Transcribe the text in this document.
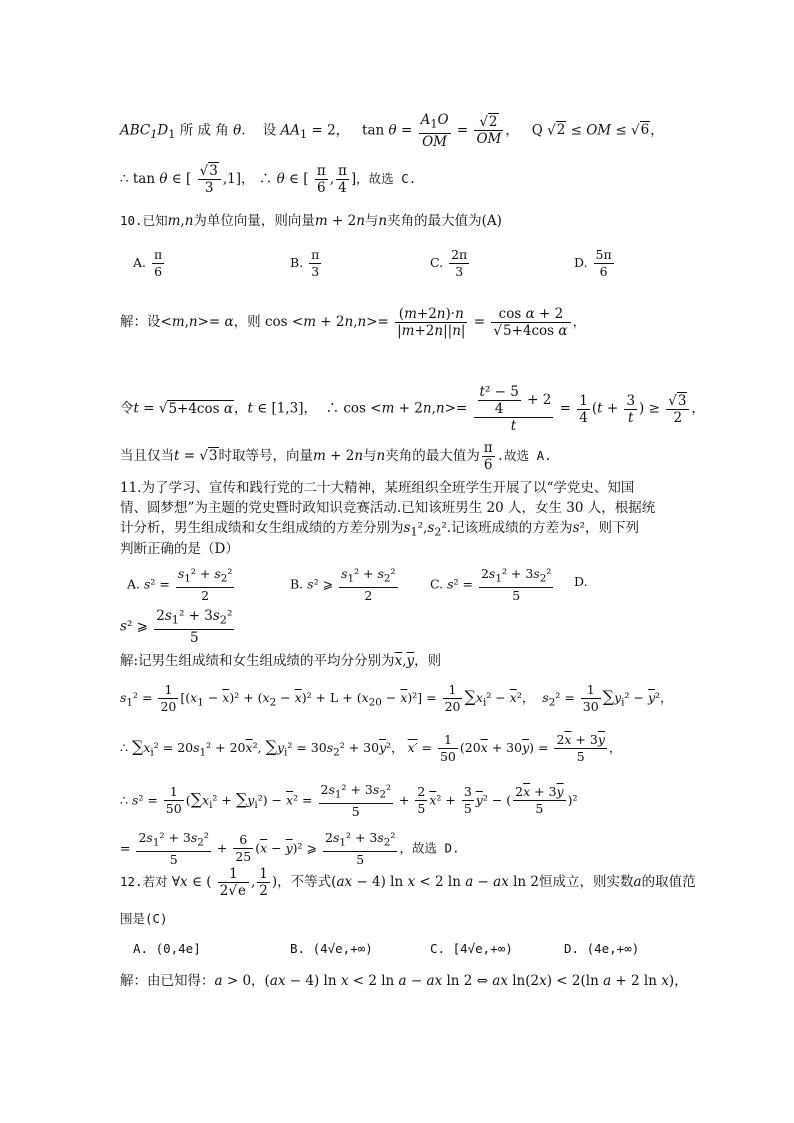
$ABC_1D_1$ 所 成 角 θ.    设 $AA_1 = 2$，   $\tan \theta = \frac{A_1O}{OM} = \frac{√2}{OM}$ ，   Q √2 ≤ OM ≤ √6，
∴ tan θ ∈ [ $\frac{√3}{3} ,1$]， ∴ θ ∈ [ $\frac{\pi}{6}$ , $\frac{\pi}{4}$ ]，故选 C.
10.已知m,n为单位向量，则向量m + 2n与n夹角的最大值为(A)
A. $\frac{\pi}{6}$	B. $\frac{\pi}{3}$	C. $\frac{2\pi}{3}$	D. $\frac{5\pi}{6}$
解：设<m,n>= α，则 $\cos <m + 2n,n>= \frac{(m+2n)\cdot n}{|m+2n||n|} = \frac{\text{cos α + 2}}{\text{√5+4cos α}}$ ，
令t = √5+4cos α，t ∈ [1,3]，  ∴ $\cos <m + 2n,n>= \frac{\frac{\text{t² − 5}}{4} + 2}{t} = \frac{1}{4} (t + \frac{3}{t}$ ) ≥ $\frac{√3}{2}$ ，
当且仅当t = √3时取等号，向量m + 2n与n夹角的最大值为 $\frac{\pi}{6}$ .故选 A.
11.为了学习、宣传和践行党的二十大精神，某班组织全班学生开展了以“学党史、知国
情、圆梦想”为主题的党史暨时政知识竞赛活动.已知该班男生 20 人，女生 30 人，根据统
计分析，男生组成绩和女生组成绩的方差分别为$s_1^2,s_2^2$.记该班成绩的方差为s²，则下列
判断正确的是（D）
A. $s^2 = \frac{s_1^2 + s_2^2}{2}$	B. s² ⩾ $\frac{s_1^2 + s_2^2}{2}$	C. $s^2 = \frac{2s_1^2 + 3s_2^2}{5} D$.
s² ⩾ $\frac{2s_1^2 + 3s_2^2}{5}$
解:记男生组成绩和女生组成绩的平均分分别为$\overline{x},\overline{y}$，则
$s_1^2 = \frac{1}{20} [(x_1 - \overline{x})^2 + (x_2 - \overline{x})^2 + L + (x_{20} - \overline{x})^2] = \frac{1}{20} \sum x_i^2 - \overline{x}^2$，  $s_2^2 = \frac{1}{30} \sum y_i^2 - \overline{y}^2$，
∴ $\sum x_i^2 = 20s_1^2 + 20\overline{x}^2$, $\sum y_i^2 = 30s_2^2 + 30\overline{y}^2$， $x' = \frac{1}{50} (20\overline{x} + 30\overline{y}) = \frac{2\overline{x} + 3\overline{y}}{5}$ ，
∴ $s^2 = \frac{1}{50} (\sum x_i^2 + \sum y_i^2) - \overline{x}^2 = \frac{2s_1^2 + 3s_2^2}{5} + \frac{2}{5} \overline{x}^2 + \frac{3}{5} \overline{y}^2$ − ( $\frac{2\overline{x} + 3\overline{y}}{5} )^2$
= $\frac{2s_1^2 + 3s_2^2}{5} + \frac{6}{25} (\overline{x} - \overline{y})^2$ ⩾ $\frac{2s_1^2 + 3s_2^2}{5}$ ，故选 D.
12.若对 ∀x ∈ ( $\frac{1}{2√e}$ , $\frac{1}{2}$ )，不等式(ax − 4) ln x < 2 ln a − ax ln 2恒成立，则实数a的取值范
围是(C)
A. (0,4e]	B. (4√e,+∞)	C. [4√e,+∞)	D. (4e,+∞)
解：由已知得：a > 0，(ax − 4) ln x < 2 ln a − ax ln 2 ⇔ ax ln(2x) < 2(ln a + 2 ln x)，
